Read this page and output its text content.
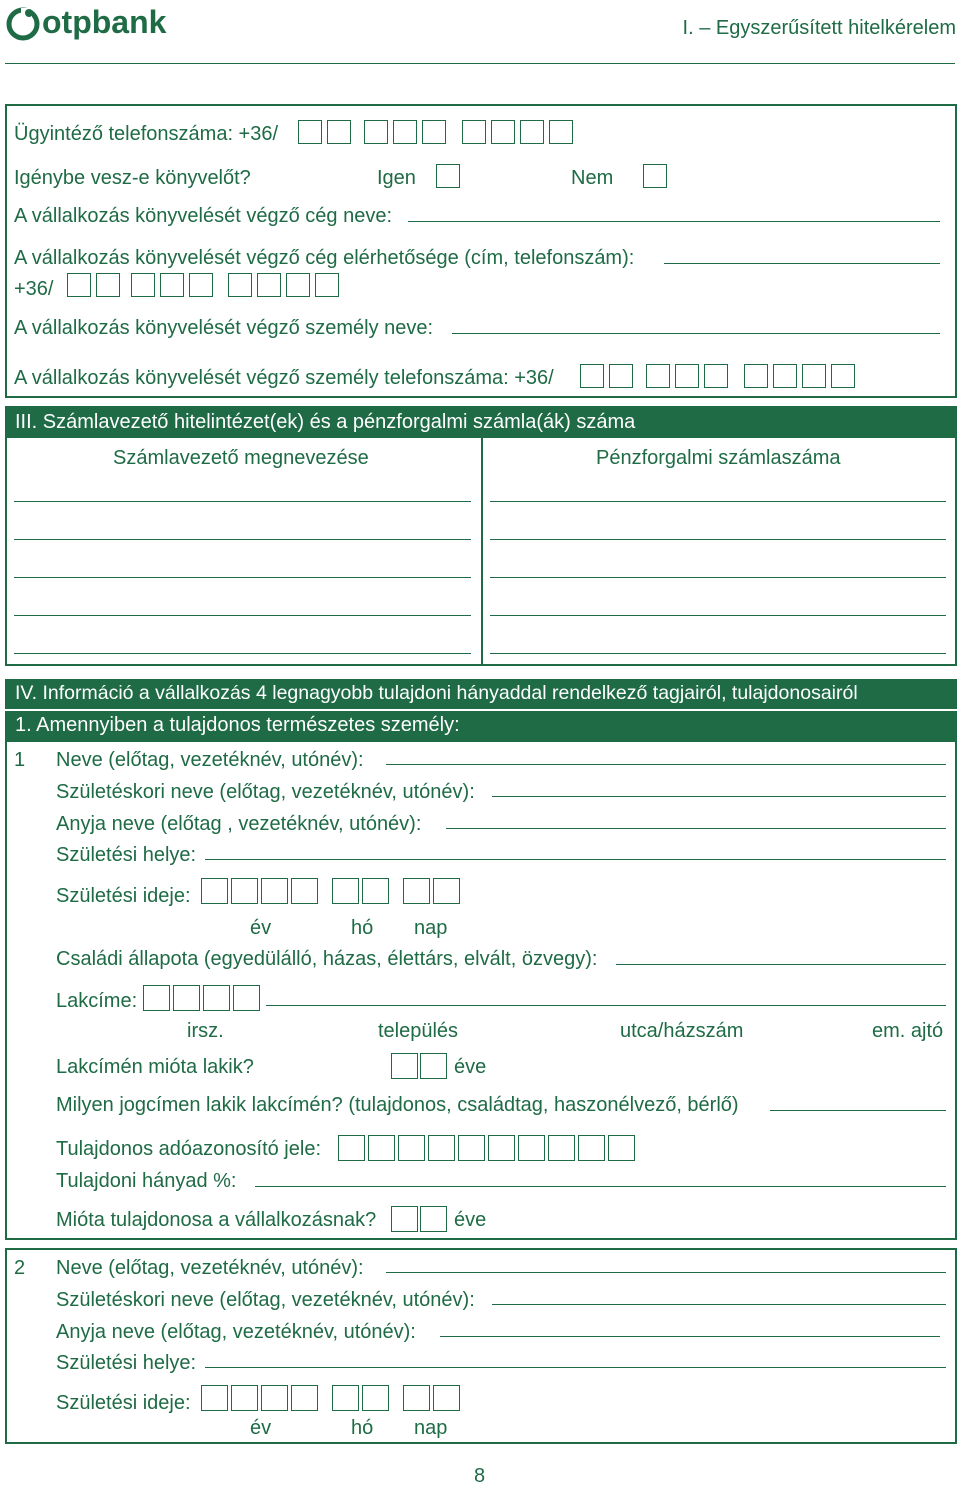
otpbank	I. – Egyszerűsített hitelkérelem
Ügyintéző telefonszáma: +36/
Igénybe vesz-e könyvelőt?	Igen	Nem
A vállalkozás könyvelését végző cég neve:
A vállalkozás könyvelését végző cég elérhetősége (cím, telefonszám):
+36/
A vállalkozás könyvelését végző személy neve:
A vállalkozás könyvelését végző személy telefonszáma: +36/
III. Számlavezető hitelintézet(ek) és a pénzforgalmi számla(ák) száma
Számlavezető megnevezése	Pénzforgalmi számlaszáma
IV. Információ a vállalkozás 4 legnagyobb tulajdoni hányaddal rendelkező tagjairól, tulajdonosairól
1. Amennyiben a tulajdonos természetes személy:
1 Neve (előtag, vezetéknév, utónév):
Születéskori neve (előtag, vezetéknév, utónév):
Anyja neve (előtag , vezetéknév, utónév):
Születési helye:
Születési ideje:
év	hó nap
Családi állapota (egyedülálló, házas, élettárs, elvált, özvegy):
Lakcíme:
irsz.	település	utca/házszám	em. ajtó
Lakcímén mióta lakik?	éve
Milyen jogcímen lakik lakcímén? (tulajdonos, családtag, haszonélvező, bérlő)
Tulajdonos adóazonosító jele:
Tulajdoni hányad %:
Mióta tulajdonosa a vállalkozásnak?	éve
2 Neve (előtag, vezetéknév, utónév):
Születéskori neve (előtag, vezetéknév, utónév):
Anyja neve (előtag, vezetéknév, utónév):
Születési helye:
Születési ideje:
év	hó nap
8
